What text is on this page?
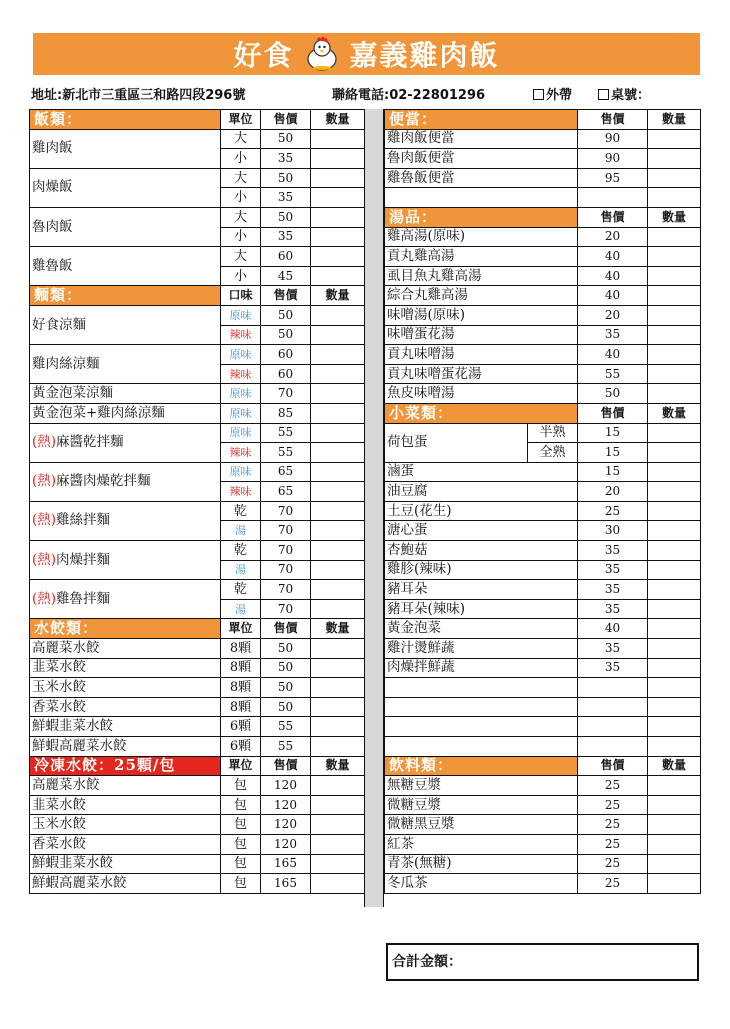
好食 嘉義雞肉飯
地址:新北市三重區三和路四段296號	聯絡電話:02-22801296	外帶	桌號：
飯類：	單位	售價	數量
雞肉飯	大	50	
	小	35	
肉燥飯	大	50	
	小	35	
魯肉飯	大	50	
	小	35	
雞魯飯	大	60	
	小	45	
麵類：	口味	售價	數量
好食涼麵	原味	50	
	辣味	50	
雞肉絲涼麵	原味	60	
	辣味	60	
黃金泡菜涼麵	原味	70	
黃金泡菜+雞肉絲涼麵	原味	85	
(熱)麻醬乾拌麵	原味	55	
	辣味	55	
(熱)麻醬肉燥乾拌麵	原味	65	
	辣味	65	
(熱)雞絲拌麵	乾	70	
	湯	70	
(熱)肉燥拌麵	乾	70	
	湯	70	
(熱)雞魯拌麵	乾	70	
	湯	70	
水餃類：	單位	售價	數量
高麗菜水餃	8顆	50	
韭菜水餃	8顆	50	
玉米水餃	8顆	50	
香菜水餃	8顆	50	
鮮蝦韭菜水餃	6顆	55	
鮮蝦高麗菜水餃	6顆	55	
冷凍水餃：25顆/包	單位	售價	數量
高麗菜水餃	包	120	
韭菜水餃	包	120	
玉米水餃	包	120	
香菜水餃	包	120	
鮮蝦韭菜水餃	包	165	
鮮蝦高麗菜水餃	包	165	
便當：		售價	數量
雞肉飯便當		90	
魯肉飯便當		90	
雞魯飯便當		95	

湯品：		售價	數量
雞高湯(原味)		20	
貢丸雞高湯		40	
虱目魚丸雞高湯		40	
綜合丸雞高湯		40	
味噌湯(原味)		20	
味噌蛋花湯		35	
貢丸味噌湯		40	
貢丸味噌蛋花湯		55	
魚皮味噌湯		50	
小菜類：		售價	數量
荷包蛋	半熟	15	
	全熟	15	
滷蛋		15	
油豆腐		20	
土豆(花生)		25	
溏心蛋		30	
杏鮑菇		35	
雞胗(辣味)		35	
豬耳朵		35	
豬耳朵(辣味)		35	
黃金泡菜		40	
雞汁燙鮮蔬		35	
肉燥拌鮮蔬		35	

飲料類：		售價	數量
無糖豆漿		25	
微糖豆漿		25	
微糖黑豆漿		25	
紅茶		25	
青茶(無糖)		25	
冬瓜茶		25	
合計金額：
